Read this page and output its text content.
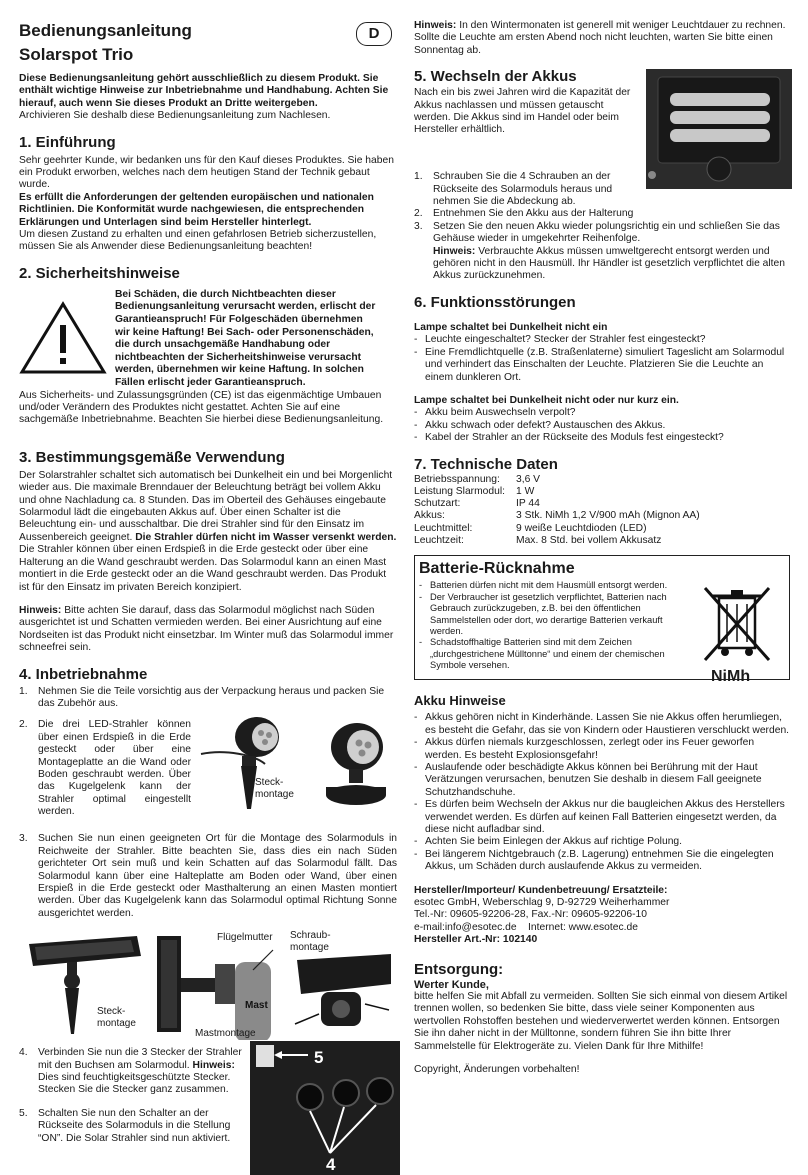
Bedienungsanleitung
Solarspot Trio
D

Diese Bedienungsanleitung gehört ausschließlich zu diesem Produkt. Sie enthält wichtige Hinweise zur Inbetriebnahme und Handhabung. Achten Sie hierauf, auch wenn Sie dieses Produkt an Dritte weitergeben.

Archivieren Sie deshalb diese Bedienungsanleitung zum Nachlesen.

1. Einführung

Sehr geehrter Kunde, wir bedanken uns für den Kauf dieses Produktes. Sie haben ein Produkt erworben, welches nach dem heutigen Stand der Technik gebaut wurde.

Es erfüllt die Anforderungen der geltenden europäischen und nationalen Richtlinien. Die Konformität wurde nachgewiesen, die entsprechenden Erklärungen und Unterlagen sind beim Hersteller hinterlegt.

Um diesen Zustand zu erhalten und einen gefahrlosen Betrieb sicherzustellen, müssen Sie als Anwender diese Bedienungsanleitung beachten!

2. Sicherheitshinweise

Bei Schäden, die durch Nichtbeachten dieser Bedienungsanleitung verursacht werden, erlischt der Garantieanspruch! Für Folgeschäden übernehmen wir keine Haftung! Bei Sach- oder Personenschäden, die durch unsachgemäße Handhabung oder nichtbeachten der Sicherheitshinweise verursacht werden, übernehmen wir keine Haftung. In solchen Fällen erlischt jeder Garantieanspruch.

Aus Sicherheits- und Zulassungsgründen (CE) ist das eigenmächtige Umbauen und/oder Verändern des Produktes nicht gestattet. Achten Sie auf eine sachgemäße Inbetriebnahme. Beachten Sie hierbei diese Bedienungsanleitung.

3. Bestimmungsgemäße Verwendung

Der Solarstrahler schaltet sich automatisch bei Dunkelheit ein und bei Morgenlicht wieder aus. Die maximale Brenndauer der Beleuchtung beträgt bei vollem Akku und ohne Nachladung ca. 8 Stunden. Das im Oberteil des Gehäuses eingebaute Solarmodul lädt die eingebauten Akkus auf. Über einen Schalter ist die Beleuchtung ein- und ausschaltbar. Die drei Strahler sind für den Einsatz im Aussenbereich geeignet. Die Strahler dürfen nicht im Wasser versenkt werden. Die Strahler können über einen Erdspieß in die Erde gesteckt oder über eine Halterung an die Wand geschraubt werden. Das Solarmodul kann an einen Mast montiert in die Erde gesteckt oder an die Wand geschraubt werden. Das Produkt ist für den Einsatz im privaten Bereich konzipiert.

Hinweis: Bitte achten Sie darauf, dass das Solarmodul möglichst nach Süden ausgerichtet ist und Schatten vermieden werden. Bei einer Ausrichtung auf eine Nordseiten ist das Produkt nicht einsetzbar. Im Winter muß das Solarmodul immer schneefrei sein.

4. Inbetriebnahme
1. Nehmen Sie die Teile vorsichtig aus der Verpackung heraus und packen Sie das Zubehör aus.
2. Die drei LED-Strahler können über einen Erdspieß in die Erde gesteckt oder über eine Montageplatte an die Wand oder Boden geschraubt werden. Über das Kugelgelenk kann der Strahler optimal eingestellt werden.
Steck-montage
3. Suchen Sie nun einen geeigneten Ort für die Montage des Solarmoduls in Reichweite der Strahler. Bitte beachten Sie, dass dies ein nach Süden gerichteter Ort sein muß und kein Schatten auf das Solarmodul fällt. Das Solarmodul kann über eine Halteplatte am Boden oder Wand, über einen Erspieß in die Erde gesteckt oder Masthalterung an einen Masten montiert werden. Über das Kugelgelenk kann das Solarmodul optimal Richtung Sonne ausgerichtet werden.
Steck-montage
Flügelmutter
Mast
Mastmontage
Schraub-montage
4. Verbinden Sie nun die 3 Stecker der Strahler mit den Buchsen am Solarmodul. Hinweis: Dies sind feuchtigkeitsgeschützte Stecker. Stecken Sie die Stecker ganz zusammen.
5. Schalten Sie nun den Schalter an der Rückseite des Solarmoduls in die Stellung “ON”. Die Solar Strahler sind nun aktiviert.
5
4

Hinweis: In den Wintermonaten ist generell mit weniger Leuchtdauer zu rechnen. Sollte die Leuchte am ersten Abend noch nicht leuchten, warten Sie bitte einen Sonnentag ab.

5. Wechseln der Akkus

Nach ein bis zwei Jahren wird die Kapazität der Akkus nachlassen und müssen getauscht werden. Die Akkus sind im Handel oder beim Hersteller erhältlich.

1. Schrauben Sie die 4 Schrauben an der Rückseite des Solarmoduls heraus und nehmen Sie die Abdeckung ab.
2. Entnehmen Sie den Akku aus der Halterung
3. Setzen Sie den neuen Akku wieder polungsrichtig ein und schließen Sie das Gehäuse wieder in umgekehrter Reihenfolge.

Hinweis: Verbrauchte Akkus müssen umweltgerecht entsorgt werden und gehören nicht in den Hausmüll. Ihr Händler ist gesetzlich verpflichtet die alten Akkus zurückzunehmen.

6. Funktionsstörungen

Lampe schaltet bei Dunkelheit nicht ein

- Leuchte eingeschaltet? Stecker der Strahler fest eingesteckt?
- Eine Fremdlichtquelle (z.B. Straßenlaterne) simuliert Tageslicht am Solarmodul und verhindert das Einschalten der Leuchte. Platzieren Sie die Leuchte an einem dunkleren Ort.

Lampe schaltet bei Dunkelheit nicht oder nur kurz ein.

- Akku beim Auswechseln verpolt?
- Akku schwach oder defekt? Austauschen des Akkus.
- Kabel der Strahler an der Rückseite des Moduls fest eingesteckt?
7. Technische Daten
Betriebsspannung:	3,6 V
Leistung Slarmodul:	1 W
Schutzart:	IP 44
Akkus:	3 Stk. NiMh 1,2 V/900 mAh (Mignon AA)
Leuchtmittel:	9 weiße Leuchtdioden (LED)
Leuchtzeit:	Max. 8 Std. bei vollem Akkusatz
Batterie-Rücknahme
- Batterien dürfen nicht mit dem Hausmüll entsorgt werden.
- Der Verbraucher ist gesetzlich verpflichtet, Batterien nach Gebrauch zurückzugeben, z.B. bei den öffentlichen Sammelstellen oder dort, wo derartige Batterien verkauft werden.
- Schadstoffhaltige Batterien sind mit dem Zeichen „durchgestrichene Mülltonne“ und einem der chemischen Symbole versehen.
NiMh
Akku Hinweise
- Akkus gehören nicht in Kinderhände. Lassen Sie nie Akkus offen herumliegen, es besteht die Gefahr, das sie von Kindern oder Haustieren verschluckt werden.
- Akkus dürfen niemals kurzgeschlossen, zerlegt oder ins Feuer geworfen werden. Es besteht Explosionsgefahr!
- Auslaufende oder beschädigte Akkus können bei Berührung mit der Haut Verätzungen verursachen, benutzen Sie deshalb in diesem Fall geeignete Schutzhandschuhe.
- Es dürfen beim Wechseln der Akkus nur die baugleichen Akkus des Herstellers verwendet werden. Es dürfen auf keinen Fall Batterien eingesetzt werden, da diese nicht aufladbar sind.
- Achten Sie beim Einlegen der Akkus auf richtige Polung.
- Bei längerem Nichtgebrauch (z.B. Lagerung) entnehmen Sie die eingelegten Akkus, um Schäden durch auslaufende Akkus zu vermeiden.

Hersteller/Importeur/ Kundenbetreuung/ Ersatzteile:

esotec GmbH, Weberschlag 9, D-92729 Weiherhammer

Tel.-Nr: 09605-92206-28, Fax.-Nr: 09605-92206-10

e-mail:info@esotec.de    Internet: www.esotec.de

Hersteller Art.-Nr: 102140

Entsorgung:

Werter Kunde,

bitte helfen Sie mit Abfall zu vermeiden. Sollten Sie sich einmal von diesem Artikel trennen wollen, so bedenken Sie bitte, dass viele seiner Komponenten aus wertvollen Rohstoffen bestehen und wiederverwertet werden können. Entsorgen Sie ihn daher nicht in der Mülltonne, sondern führen Sie ihn bitte Ihrer Sammelstelle für Elektrogeräte zu. Vielen Dank für Ihre Mithilfe!

Copyright, Änderungen vorbehalten!
